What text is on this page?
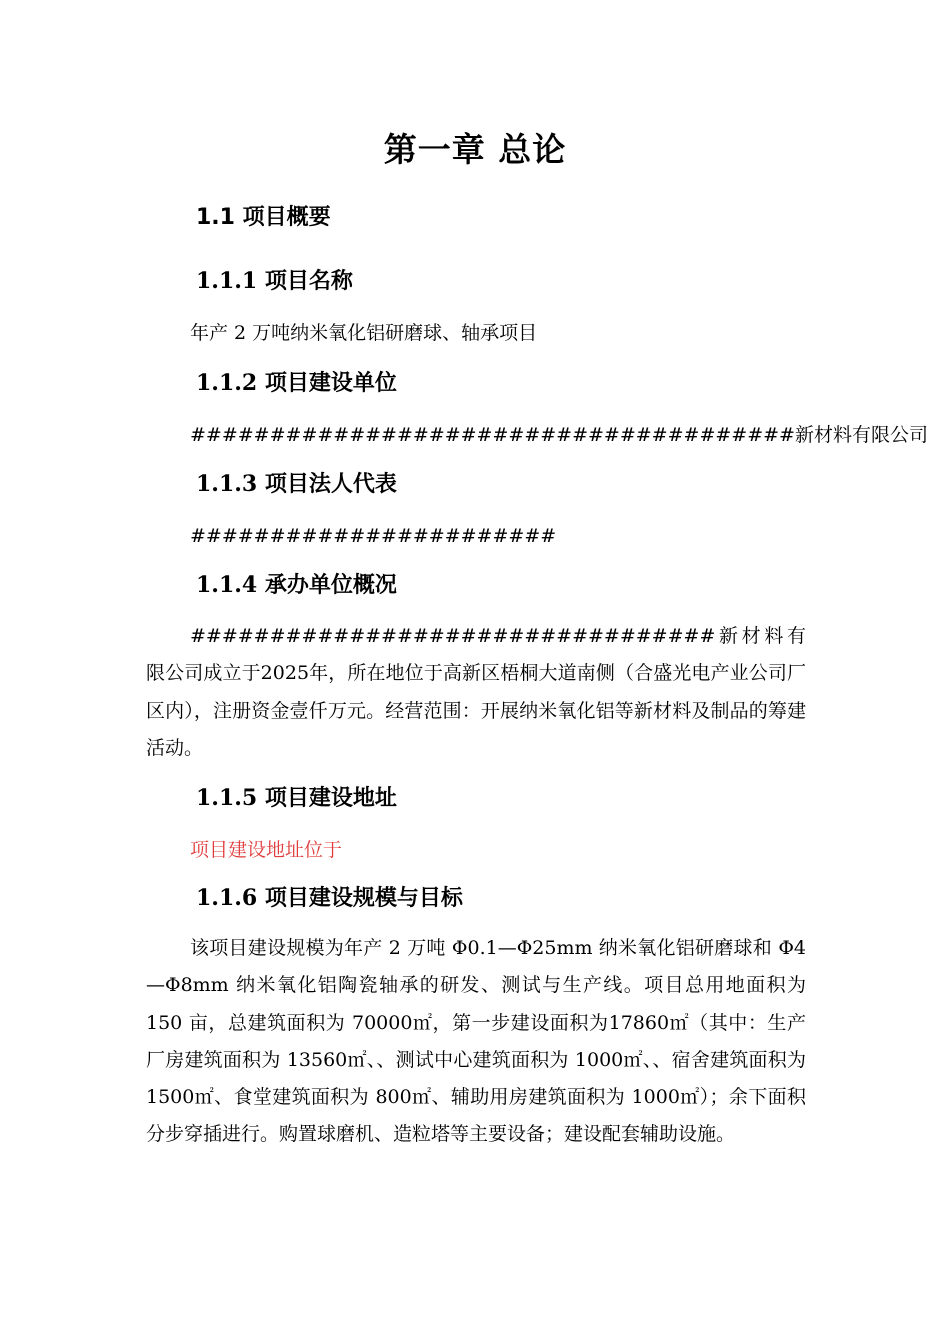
第一章 总论
1.1 项目概要
1.1.1 项目名称

年产 2 万吨纳米氧化铝研磨球、轴承项目

1.1.2 项目建设单位

######################################新材料有限公司

1.1.3 项目法人代表

#######################

1.1.4 承办单位概况

#################################新材料有限公司成立于2025年，所在地位于高新区梧桐大道南侧（合盛光电产业公司厂区内），注册资金壹仟万元。经营范围：开展纳米氧化铝等新材料及制品的筹建活动。

1.1.5 项目建设地址

项目建设地址位于

1.1.6 项目建设规模与目标

该项目建设规模为年产 2 万吨 Φ0.1—Φ25mm 纳米氧化铝研磨球和 Φ4—Φ8mm 纳米氧化铝陶瓷轴承的研发、测试与生产线。项目总用地面积为 150 亩，总建筑面积为 70000㎡，第一步建设面积为17860㎡（其中：生产厂房建筑面积为 13560㎡、、测试中心建筑面积为 1000㎡、、宿舍建筑面积为 1500㎡、食堂建筑面积为 800㎡、辅助用房建筑面积为 1000㎡）；余下面积分步穿插进行。购置球磨机、造粒塔等主要设备；建设配套辅助设施。
